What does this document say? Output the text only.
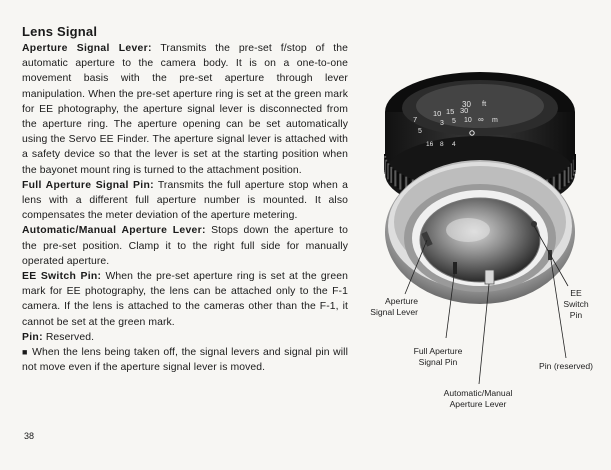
Lens Signal

Aperture Signal Lever: Transmits the pre-set f/stop of the automatic aperture to the camera body. It is on a one-to-one movement basis with the pre-set aperture through lever manipulation. When the pre-set aperture ring is set at the green mark for EE photography, the aperture signal lever is disconnected from the aperture ring. The aperture opening can be set automatically using the Servo EE Finder. The aperture signal lever is attached with a safety device so that the lever is set at the starting position when the bayonet mount ring is turned to the attachment position.

Full Aperture Signal Pin: Transmits the full aperture stop when a lens with a different full aperture number is mounted. It also compensates the meter deviation of the aperture metering.

Automatic/Manual Aperture Lever: Stops down the aperture to the pre-set position. Clamp it to the right full side for manually operated aperture.

EE Switch Pin: When the pre-set aperture ring is set at the green mark for EE photography, the lens can be attached only to the F-1 camera. If the lens is attached to the cameras other than the F-1, it cannot be set at the green mark.

Pin: Reserved.

■ When the lens being taken off, the signal levers and signal pin will not move even if the aperture signal lever is moved.

38
30
10 15 30
ft
3 5 10 ∞ m
7
5
16 8 4
Aperture
Signal Lever
Full Aperture
Signal Pin
Automatic/Manual
Aperture Lever
EE
Switch
Pin
Pin (reserved)
